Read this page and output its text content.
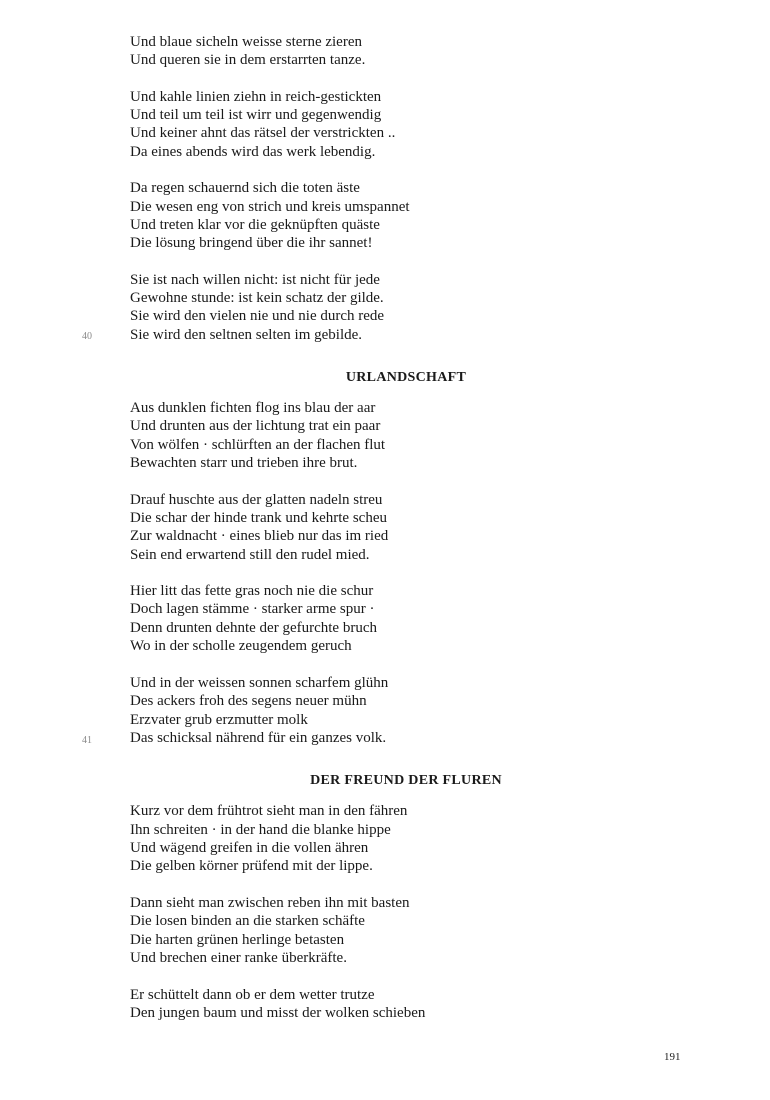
Und blaue sicheln weisse sterne zieren
Und queren sie in dem erstarrten tanze.
Und kahle linien ziehn in reich-gestickten
Und teil um teil ist wirr und gegenwendig
Und keiner ahnt das rätsel der verstrickten ..
Da eines abends wird das werk lebendig.
Da regen schauernd sich die toten äste
Die wesen eng von strich und kreis umspannet
Und treten klar vor die geknüpften quäste
Die lösung bringend über die ihr sannet!
Sie ist nach willen nicht: ist nicht für jede
Gewohne stunde: ist kein schatz der gilde.
Sie wird den vielen nie und nie durch rede
Sie wird den seltnen selten im gebilde.
40
URLANDSCHAFT
Aus dunklen fichten flog ins blau der aar
Und drunten aus der lichtung trat ein paar
Von wölfen · schlürften an der flachen flut
Bewachten starr und trieben ihre brut.
Drauf huschte aus der glatten nadeln streu
Die schar der hinde trank und kehrte scheu
Zur waldnacht · eines blieb nur das im ried
Sein end erwartend still den rudel mied.
Hier litt das fette gras noch nie die schur
Doch lagen stämme · starker arme spur ·
Denn drunten dehnte der gefurchte bruch
Wo in der scholle zeugendem geruch
Und in der weissen sonnen scharfem glühn
Des ackers froh des segens neuer mühn
Erzvater grub erzmutter molk
Das schicksal nährend für ein ganzes volk.
41
DER FREUND DER FLUREN
Kurz vor dem frühtrot sieht man in den fähren
Ihn schreiten · in der hand die blanke hippe
Und wägend greifen in die vollen ähren
Die gelben körner prüfend mit der lippe.
Dann sieht man zwischen reben ihn mit basten
Die losen binden an die starken schäfte
Die harten grünen herlinge betasten
Und brechen einer ranke überkräfte.
Er schüttelt dann ob er dem wetter trutze
Den jungen baum und misst der wolken schieben
191
